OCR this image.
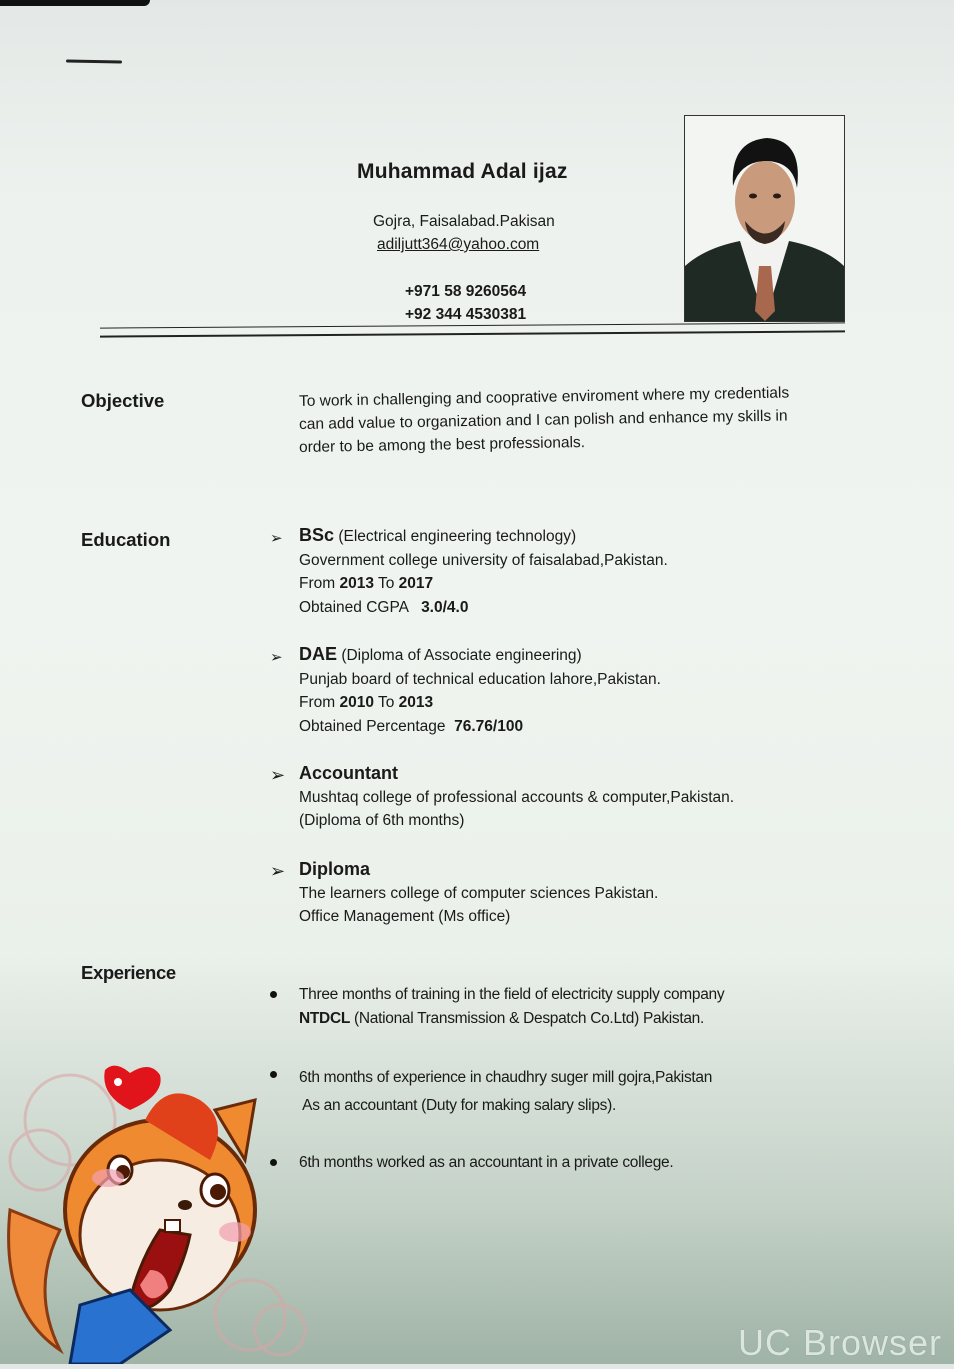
Muhammad Adal ijaz
Gojra, Faisalabad.Pakisan
adiljutt364@yahoo.com
+971 58 9260564
+92 344 4530381
Objective	To work in challenging and cooprative enviroment where my credentials
can add value to organization and I can polish and enhance my skills in
order to be among the best professionals.
Education	➢ BSc (Electrical engineering technology)
Government college university of faisalabad,Pakistan.
From 2013 To 2017
Obtained CGPA   3.0/4.0
➢ DAE (Diploma of Associate engineering)
Punjab board of technical education lahore,Pakistan.
From 2010 To 2013
Obtained Percentage  76.76/100
➢ Accountant
Mushtaq college of professional accounts & computer,Pakistan.
(Diploma of 6th months)
➢ Diploma
The learners college of computer sciences Pakistan.
Office Management (Ms office)
Experience
Three months of training in the field of electricity supply company
NTDCL (National Transmission & Despatch Co.Ltd) Pakistan.
6th months of experience in chaudhry suger mill gojra,Pakistan
As an accountant (Duty for making salary slips).
6th months worked as an accountant in a private college.
UC Browser
